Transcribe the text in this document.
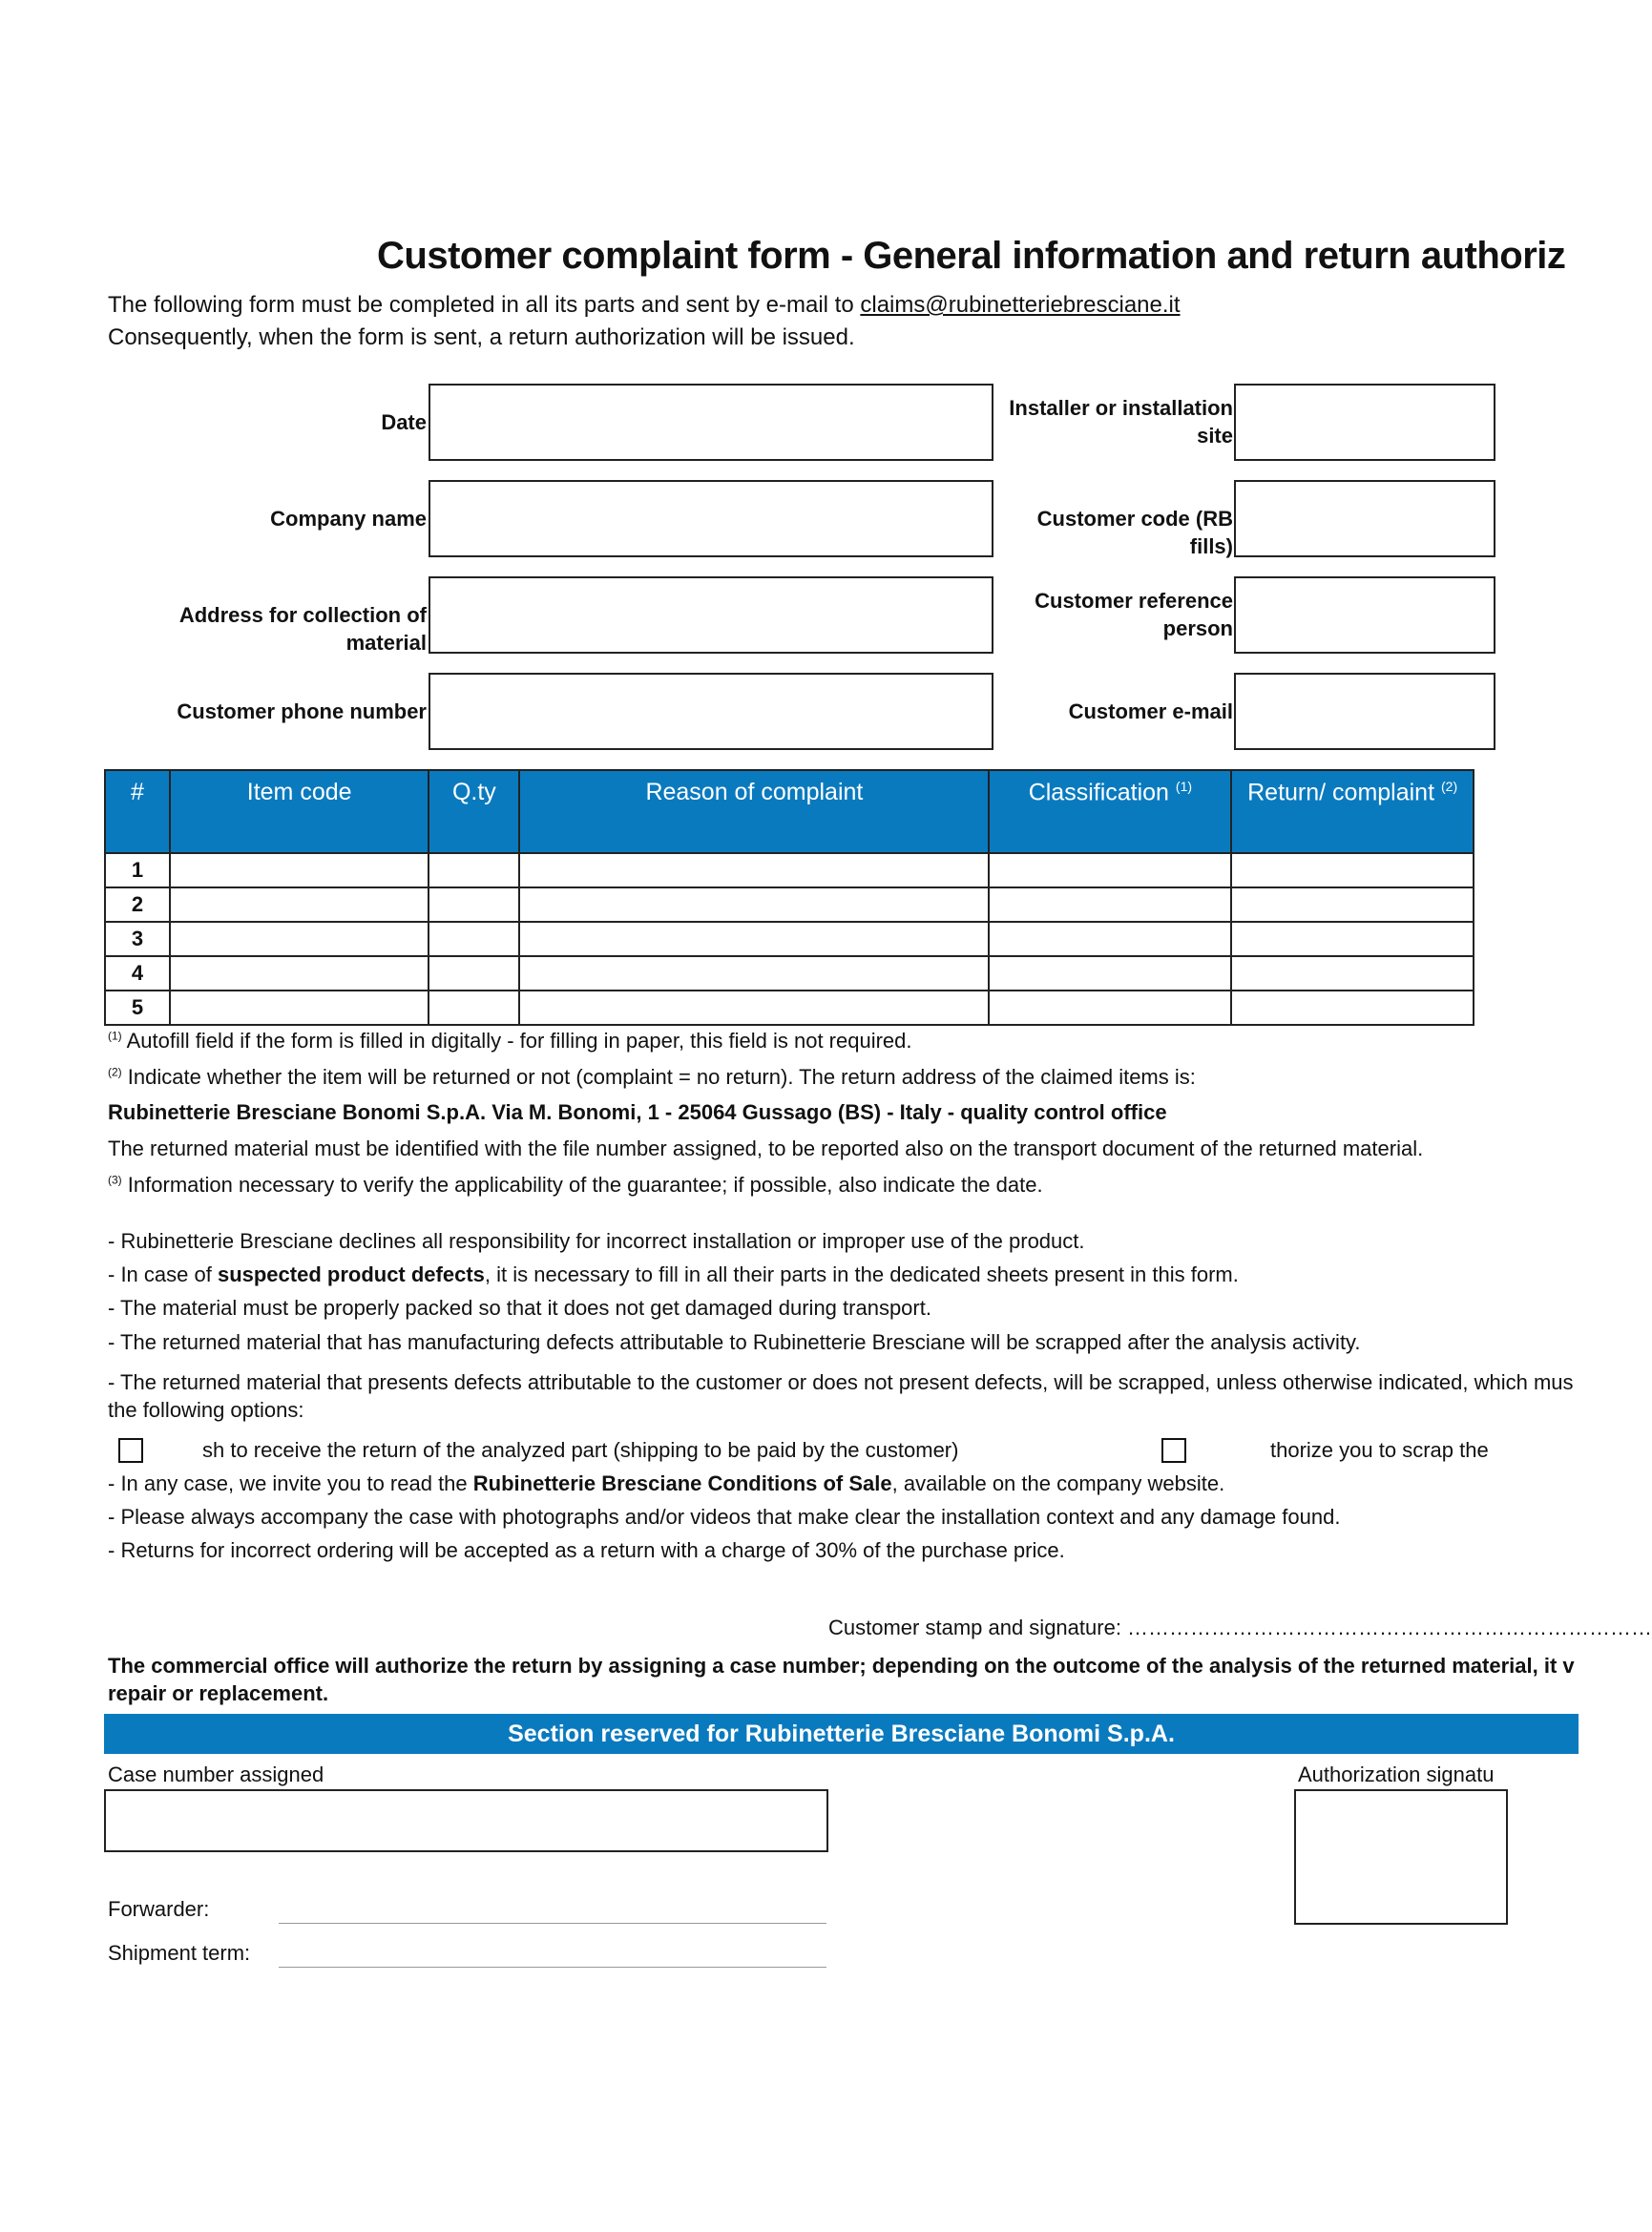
Section reserved for Rubinetterie Bresciane Bonomi S.p.A.
Customer complaint form - General information and return authoriz
The following form must be completed in all its parts and sent by e-mail to claims@rubinetteriebresciane.it
Consequently, when the form is sent, a return authorization will be issued.
Date
Company name
Address for collection of material
Customer phone number
Installer or installation
site
Customer code (RB fills)
Customer reference
person
Customer e-mail
#	Item code	Q.ty	Reason of complaint	Classification $^{(1)}$	Return/ complaint $^{(2)}$
1					
2					
3					
4					
5					
$^{(1)}$ Autofill field if the form is filled in digitally - for filling in paper, this field is not required.
$^{(2)}$ Indicate whether the item will be returned or not (complaint = no return). The return address of the claimed items is:
Rubinetterie Bresciane Bonomi S.p.A. Via M. Bonomi, 1 - 25064 Gussago (BS) - Italy - quality control office
The returned material must be identified with the file number assigned, to be reported also on the transport document of the returned material.
$^{(3)}$ Information necessary to verify the applicability of the guarantee; if possible, also indicate the date.
- Rubinetterie Bresciane declines all responsibility for incorrect installation or improper use of the product.
- In case of suspected product defects, it is necessary to fill in all their parts in the dedicated sheets present in this form.
- The material must be properly packed so that it does not get damaged during transport.
- The returned material that has manufacturing defects attributable to Rubinetterie Bresciane will be scrapped after the analysis activity.
- The returned material that presents defects attributable to the customer or does not present defects, will be scrapped, unless otherwise indicated, which mus
the following options:
sh to receive the return of the analyzed part (shipping to be paid by the customer)	thorize you to scrap the
- In any case, we invite you to read the Rubinetterie Bresciane Conditions of Sale, available on the company website.
- Please always accompany the case with photographs and/or videos that make clear the installation context and any damage found.
- Returns for incorrect ordering will be accepted as a return with a charge of 30% of the purchase price.
Customer stamp and signature: …………………………………………………………………
The commercial office will authorize the return by assigning a case number; depending on the outcome of the analysis of the returned material, it v
repair or replacement.
Case number assigned	Authorization signatu
Forwarder:
Shipment term:
